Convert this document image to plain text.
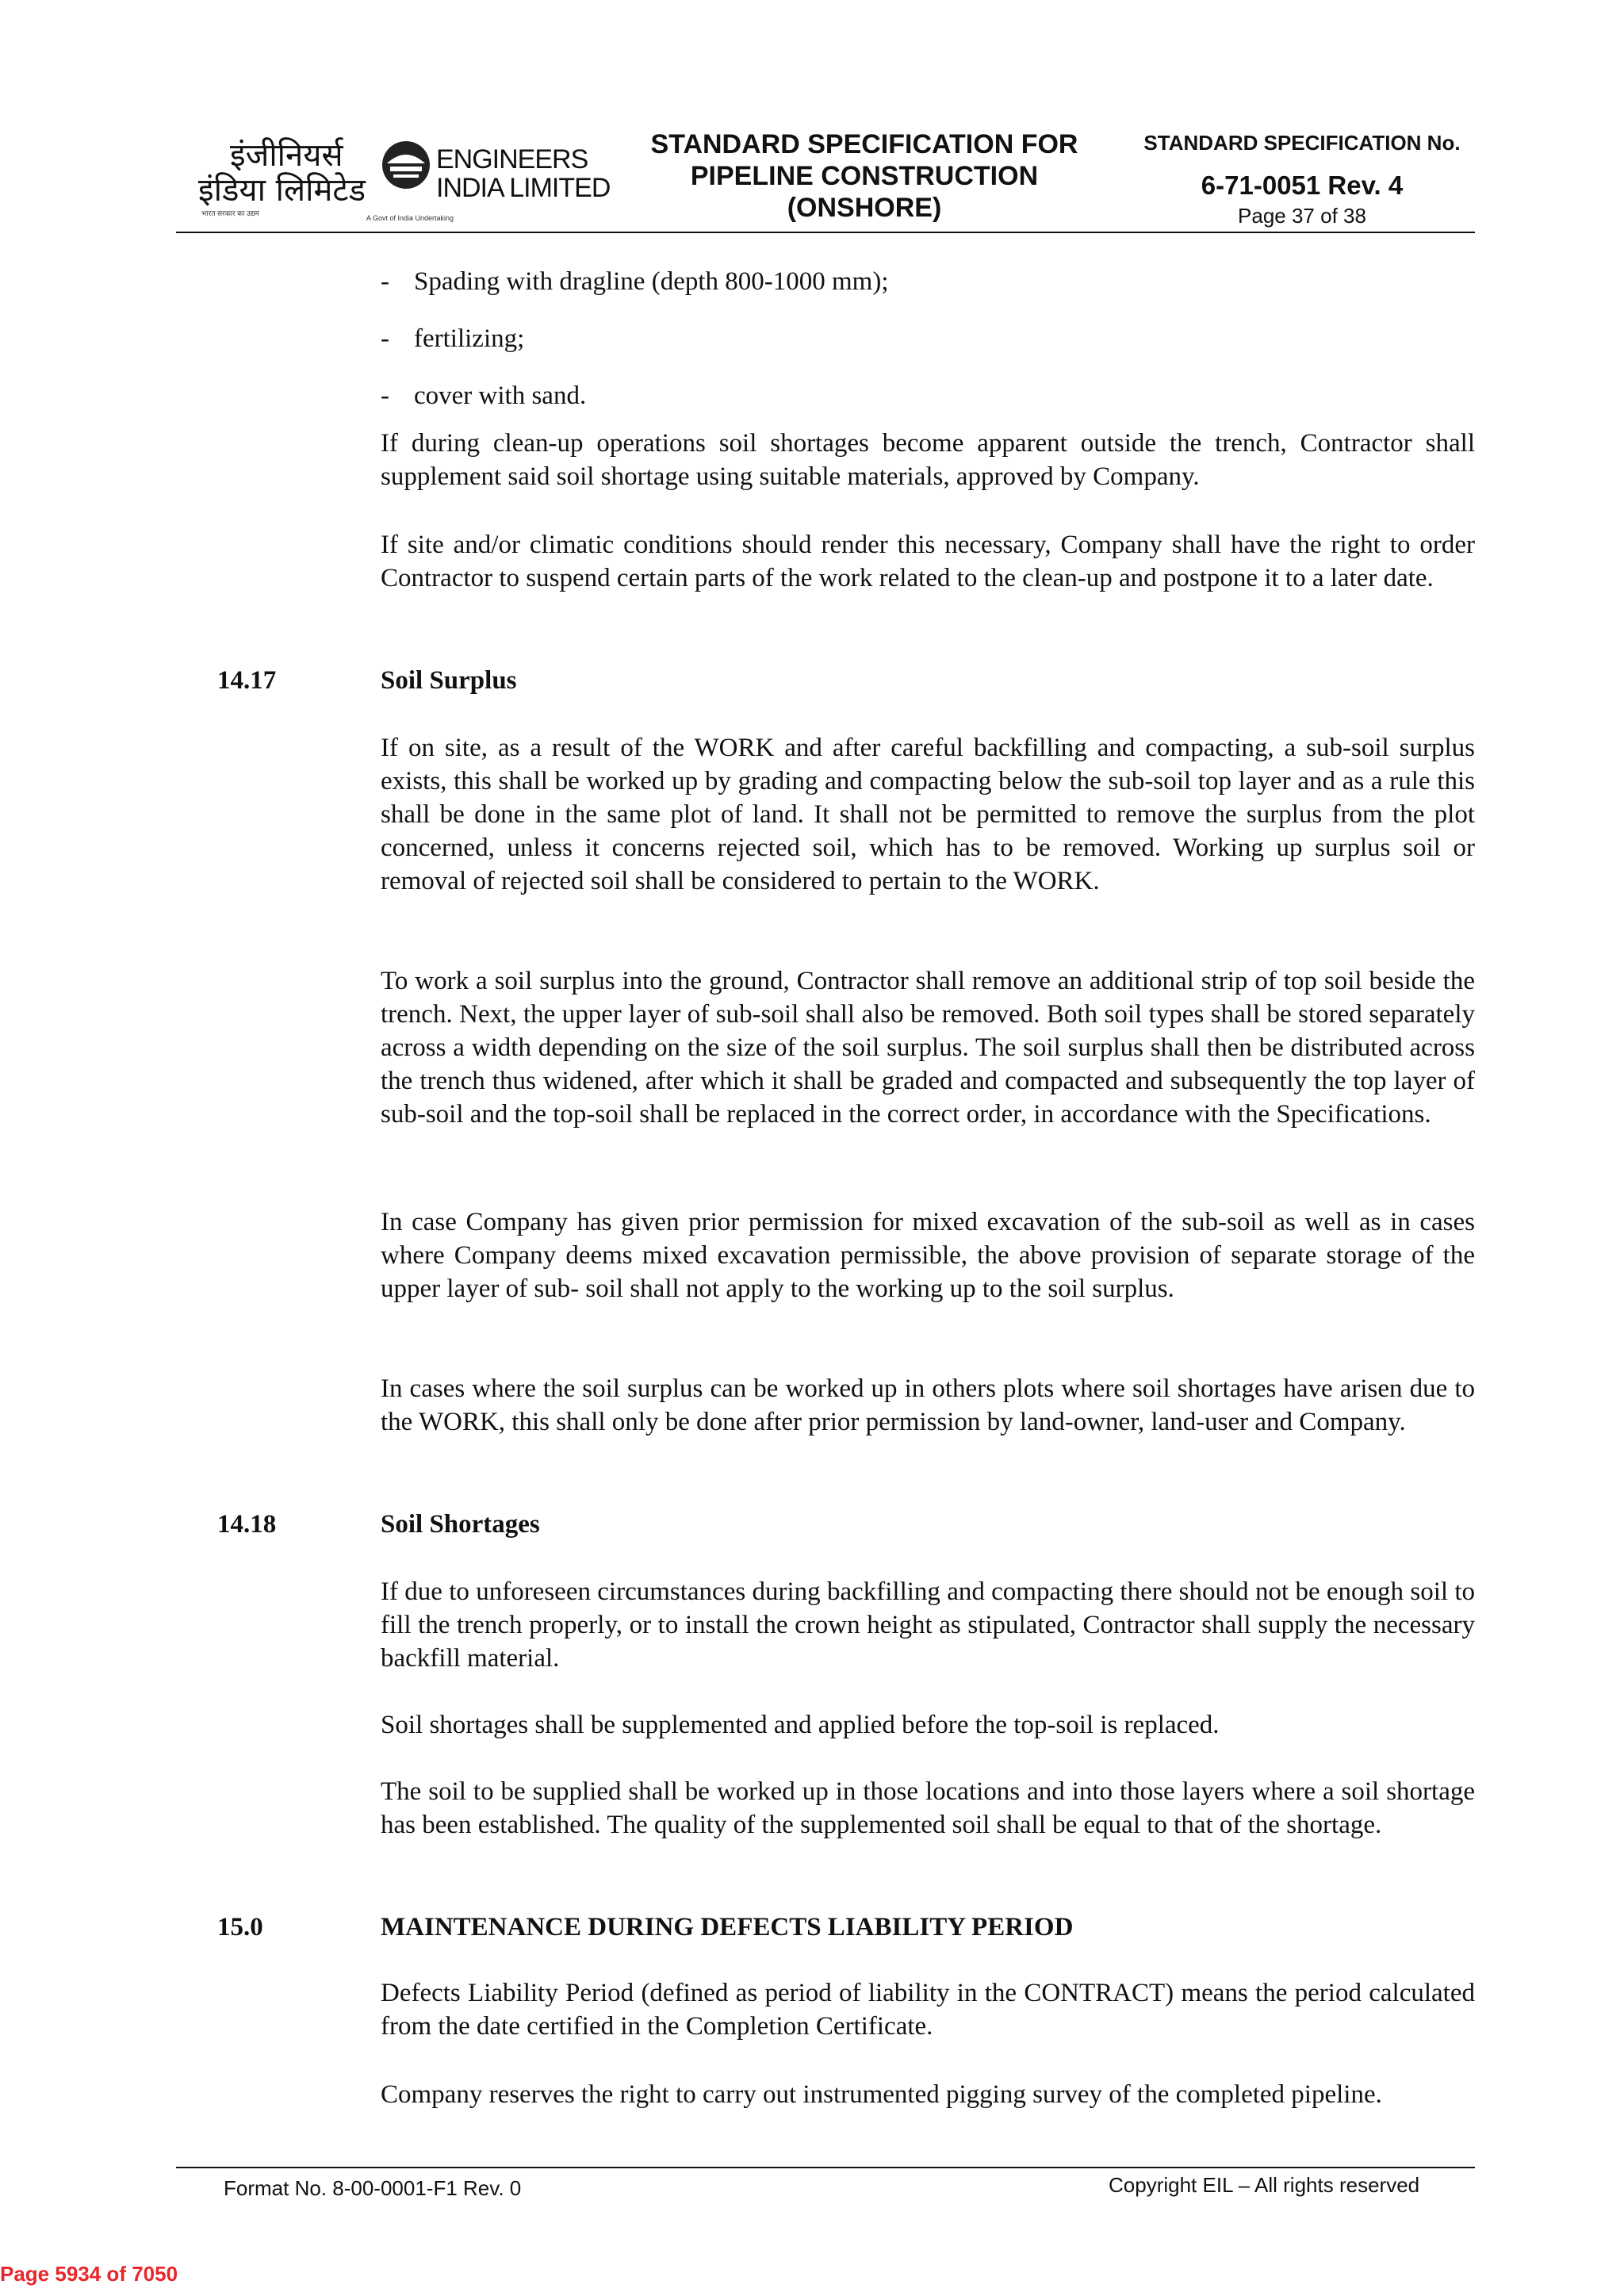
इंजीनियर्स
इंडिया लिमिटेड
ENGINEERS
INDIA LIMITED
भारत सरकार का उद्यम
A Govt of India Undertaking
STANDARD SPECIFICATION FOR
PIPELINE CONSTRUCTION
(ONSHORE)
STANDARD SPECIFICATION No.
6-71-0051 Rev. 4
Page 37 of 38
- Spading with dragline (depth 800-1000 mm);
- fertilizing;
- cover with sand.

If during clean-up operations soil shortages become apparent outside the trench, Contractor shall supplement said soil shortage using suitable materials, approved by Company.

If site and/or climatic conditions should render this necessary, Company shall have the right to order Contractor to suspend certain parts of the work related to the clean-up and postpone it to a later date.

14.17	Soil Surplus

If on site, as a result of the WORK and after careful backfilling and compacting, a sub-soil surplus exists, this shall be worked up by grading and compacting below the sub-soil top layer and as a rule this shall be done in the same plot of land. It shall not be permitted to remove the surplus from the plot concerned, unless it concerns rejected soil, which has to be removed. Working up surplus soil or removal of rejected soil shall be considered to pertain to the WORK.

To work a soil surplus into the ground, Contractor shall remove an additional strip of top soil beside the trench. Next, the upper layer of sub-soil shall also be removed. Both soil types shall be stored separately across a width depending on the size of the soil surplus. The soil surplus shall then be distributed across the trench thus widened, after which it shall be graded and compacted and subsequently the top layer of sub-soil and the top-soil shall be replaced in the correct order, in accordance with the Specifications.

In case Company has given prior permission for mixed excavation of the sub-soil as well as in cases where Company deems mixed excavation permissible, the above provision of separate storage of the upper layer of sub- soil shall not apply to the working up to the soil surplus.

In cases where the soil surplus can be worked up in others plots where soil shortages have arisen due to the WORK, this shall only be done after prior permission by land-owner, land-user and Company.

14.18	Soil Shortages

If due to unforeseen circumstances during backfilling and compacting there should not be enough soil to fill the trench properly, or to install the crown height as stipulated, Contractor shall supply the necessary backfill material.

Soil shortages shall be supplemented and applied before the top-soil is replaced.

The soil to be supplied shall be worked up in those locations and into those layers where a soil shortage has been established. The quality of the supplemented soil shall be equal to that of the shortage.

15.0	MAINTENANCE DURING DEFECTS LIABILITY PERIOD

Defects Liability Period (defined as period of liability in the CONTRACT) means the period calculated from the date certified in the Completion Certificate.

Company reserves the right to carry out instrumented pigging survey of the completed pipeline.

Format No. 8-00-0001-F1 Rev. 0	Copyright EIL – All rights reserved
Page 5934 of 7050
